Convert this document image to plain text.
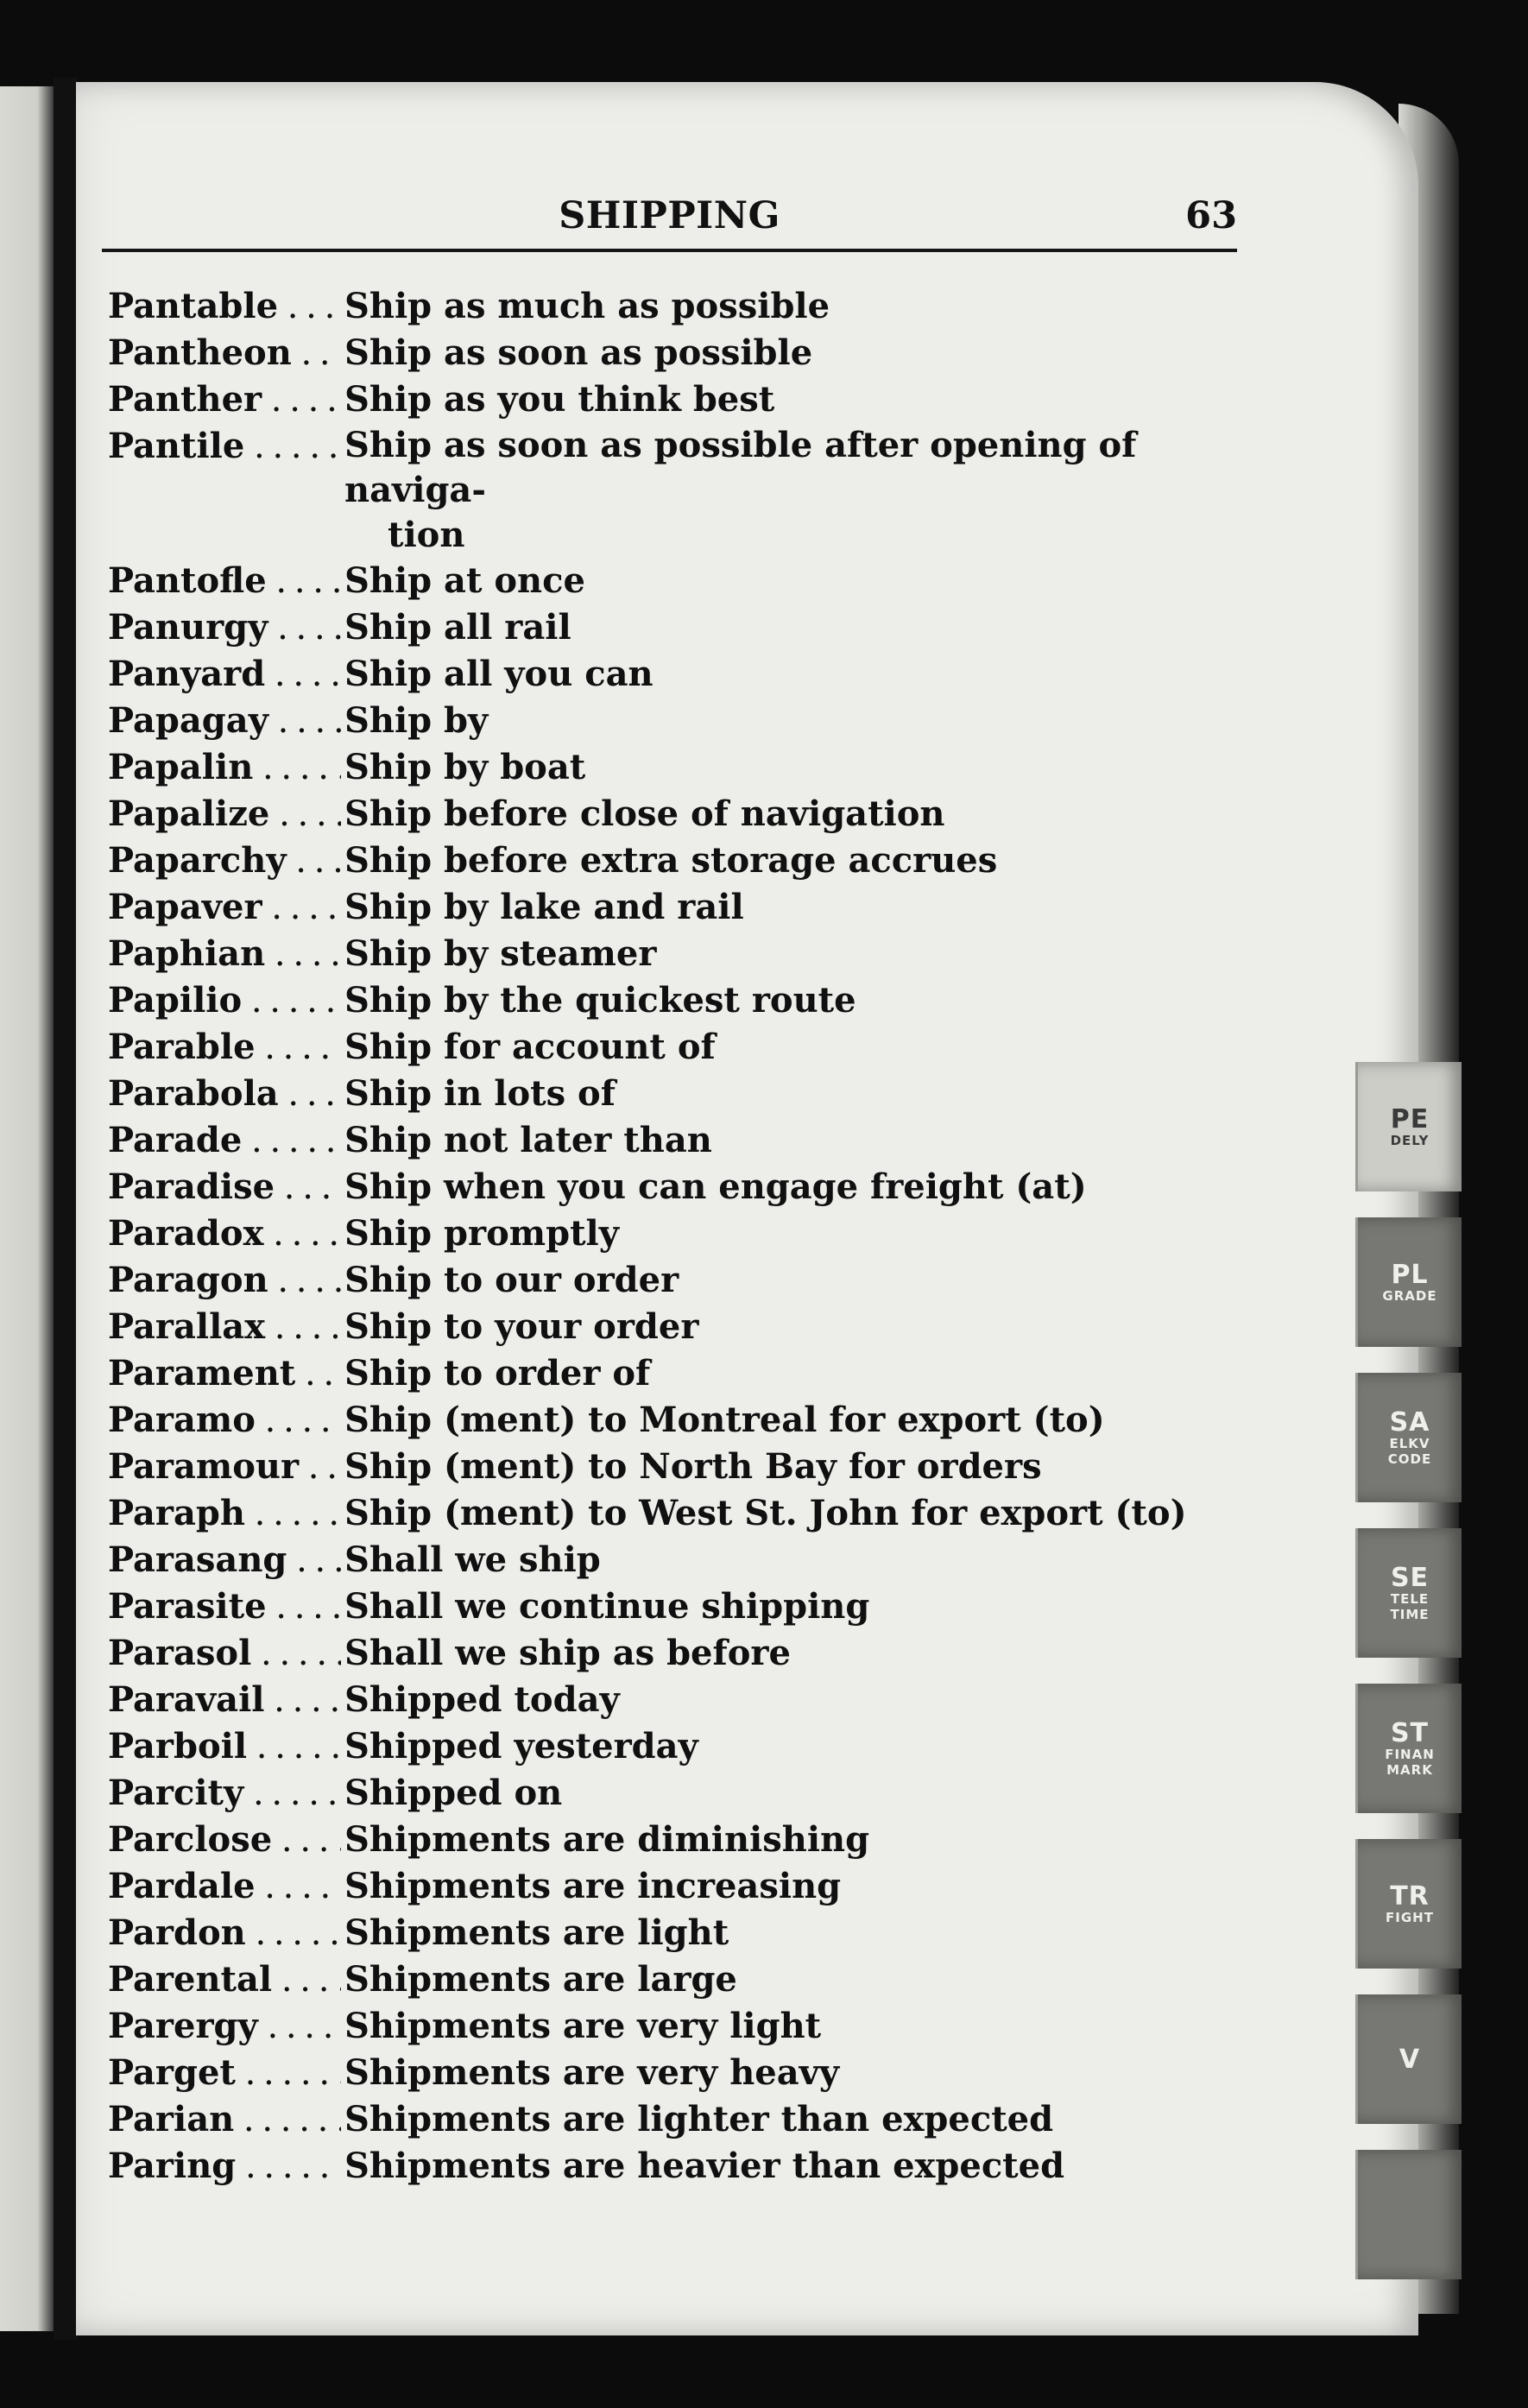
PE
DELY
PL
GRADE
SA
ELKV
CODE
SE
TELE
TIME
ST
FINAN
MARK
TR
FIGHT
V
SHIPPING	63
Pantable . . .	Ship as much as possible
Pantheon . . .	Ship as soon as possible
Panther . . .	Ship as you think best
Pantile . . .	Ship as soon as possible after opening of naviga-
tion
Pantofle . . .	Ship at once
Panurgy . . .	Ship all rail
Panyard . . .	Ship all you can
Papagay . . .	Ship by
Papalin . . .	Ship by boat
Papalize . . .	Ship before close of navigation
Paparchy . . .	Ship before extra storage accrues
Papaver . . .	Ship by lake and rail
Paphian . . .	Ship by steamer
Papilio . . .	Ship by the quickest route
Parable . . .	Ship for account of
Parabola . . .	Ship in lots of
Parade . . .	Ship not later than
Paradise . . .	Ship when you can engage freight (at)
Paradox . . .	Ship promptly
Paragon . . .	Ship to our order
Parallax . . .	Ship to your order
Parament . . .	Ship to order of
Paramo . . .	Ship (ment) to Montreal for export (to)
Paramour . . .	Ship (ment) to North Bay for orders
Paraph . . .	Ship (ment) to West St. John for export (to)
Parasang . . .	Shall we ship
Parasite . . .	Shall we continue shipping
Parasol . . .	Shall we ship as before
Paravail . . .	Shipped today
Parboil . . .	Shipped yesterday
Parcity . . .	Shipped on
Parclose . . .	Shipments are diminishing
Pardale . . .	Shipments are increasing
Pardon . . .	Shipments are light
Parental . . .	Shipments are large
Parergy . . .	Shipments are very light
Parget . . .	Shipments are very heavy
Parian . . .	Shipments are lighter than expected
Paring . . .	Shipments are heavier than expected
